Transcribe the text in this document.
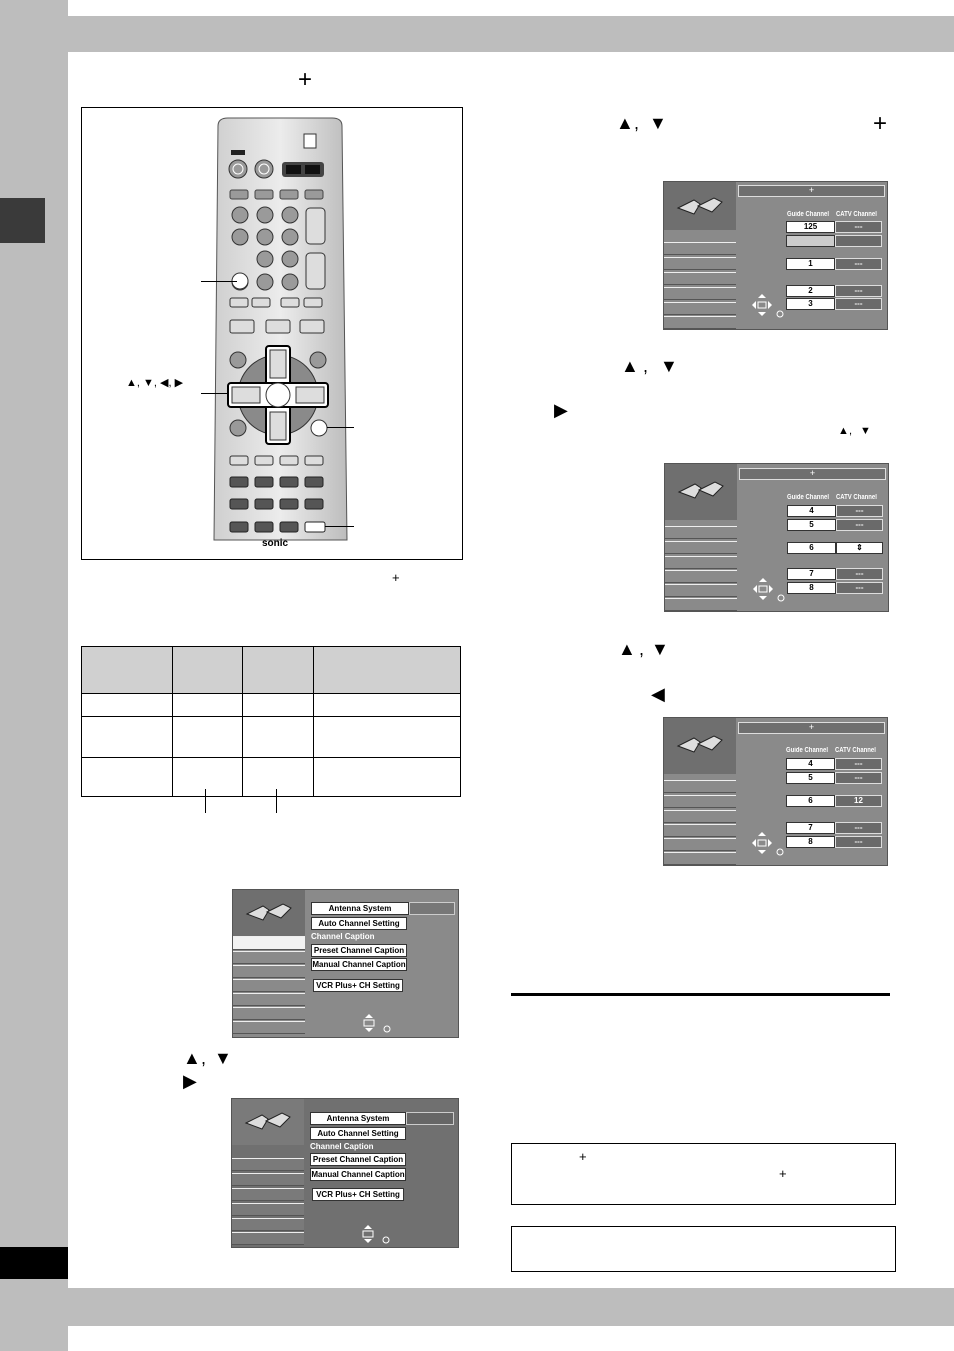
+
sonic
▲, ▼, ◀, ▶
+

Antenna System
Auto Channel Setting
Channel Caption
Preset Channel Caption
Manual Channel Caption
VCR Plus+ CH Setting
▲ , ▼
▶
Antenna System
Auto Channel Setting
Channel Caption
Preset Channel Caption
Manual Channel Caption
VCR Plus+ CH Setting
▲ , ▼	+
+
Guide Channel CATV Channel
125	---
1	---
2	---
3	---
▲ , ▼
▶
▲ , ▼
+
Guide Channel CATV Channel
4	---
5	---
6	⇕
7	---
8	---
▲ , ▼
◀
+
Guide Channel CATV Channel
4	---
5	---
6	12
7	---
8	---
+
+
